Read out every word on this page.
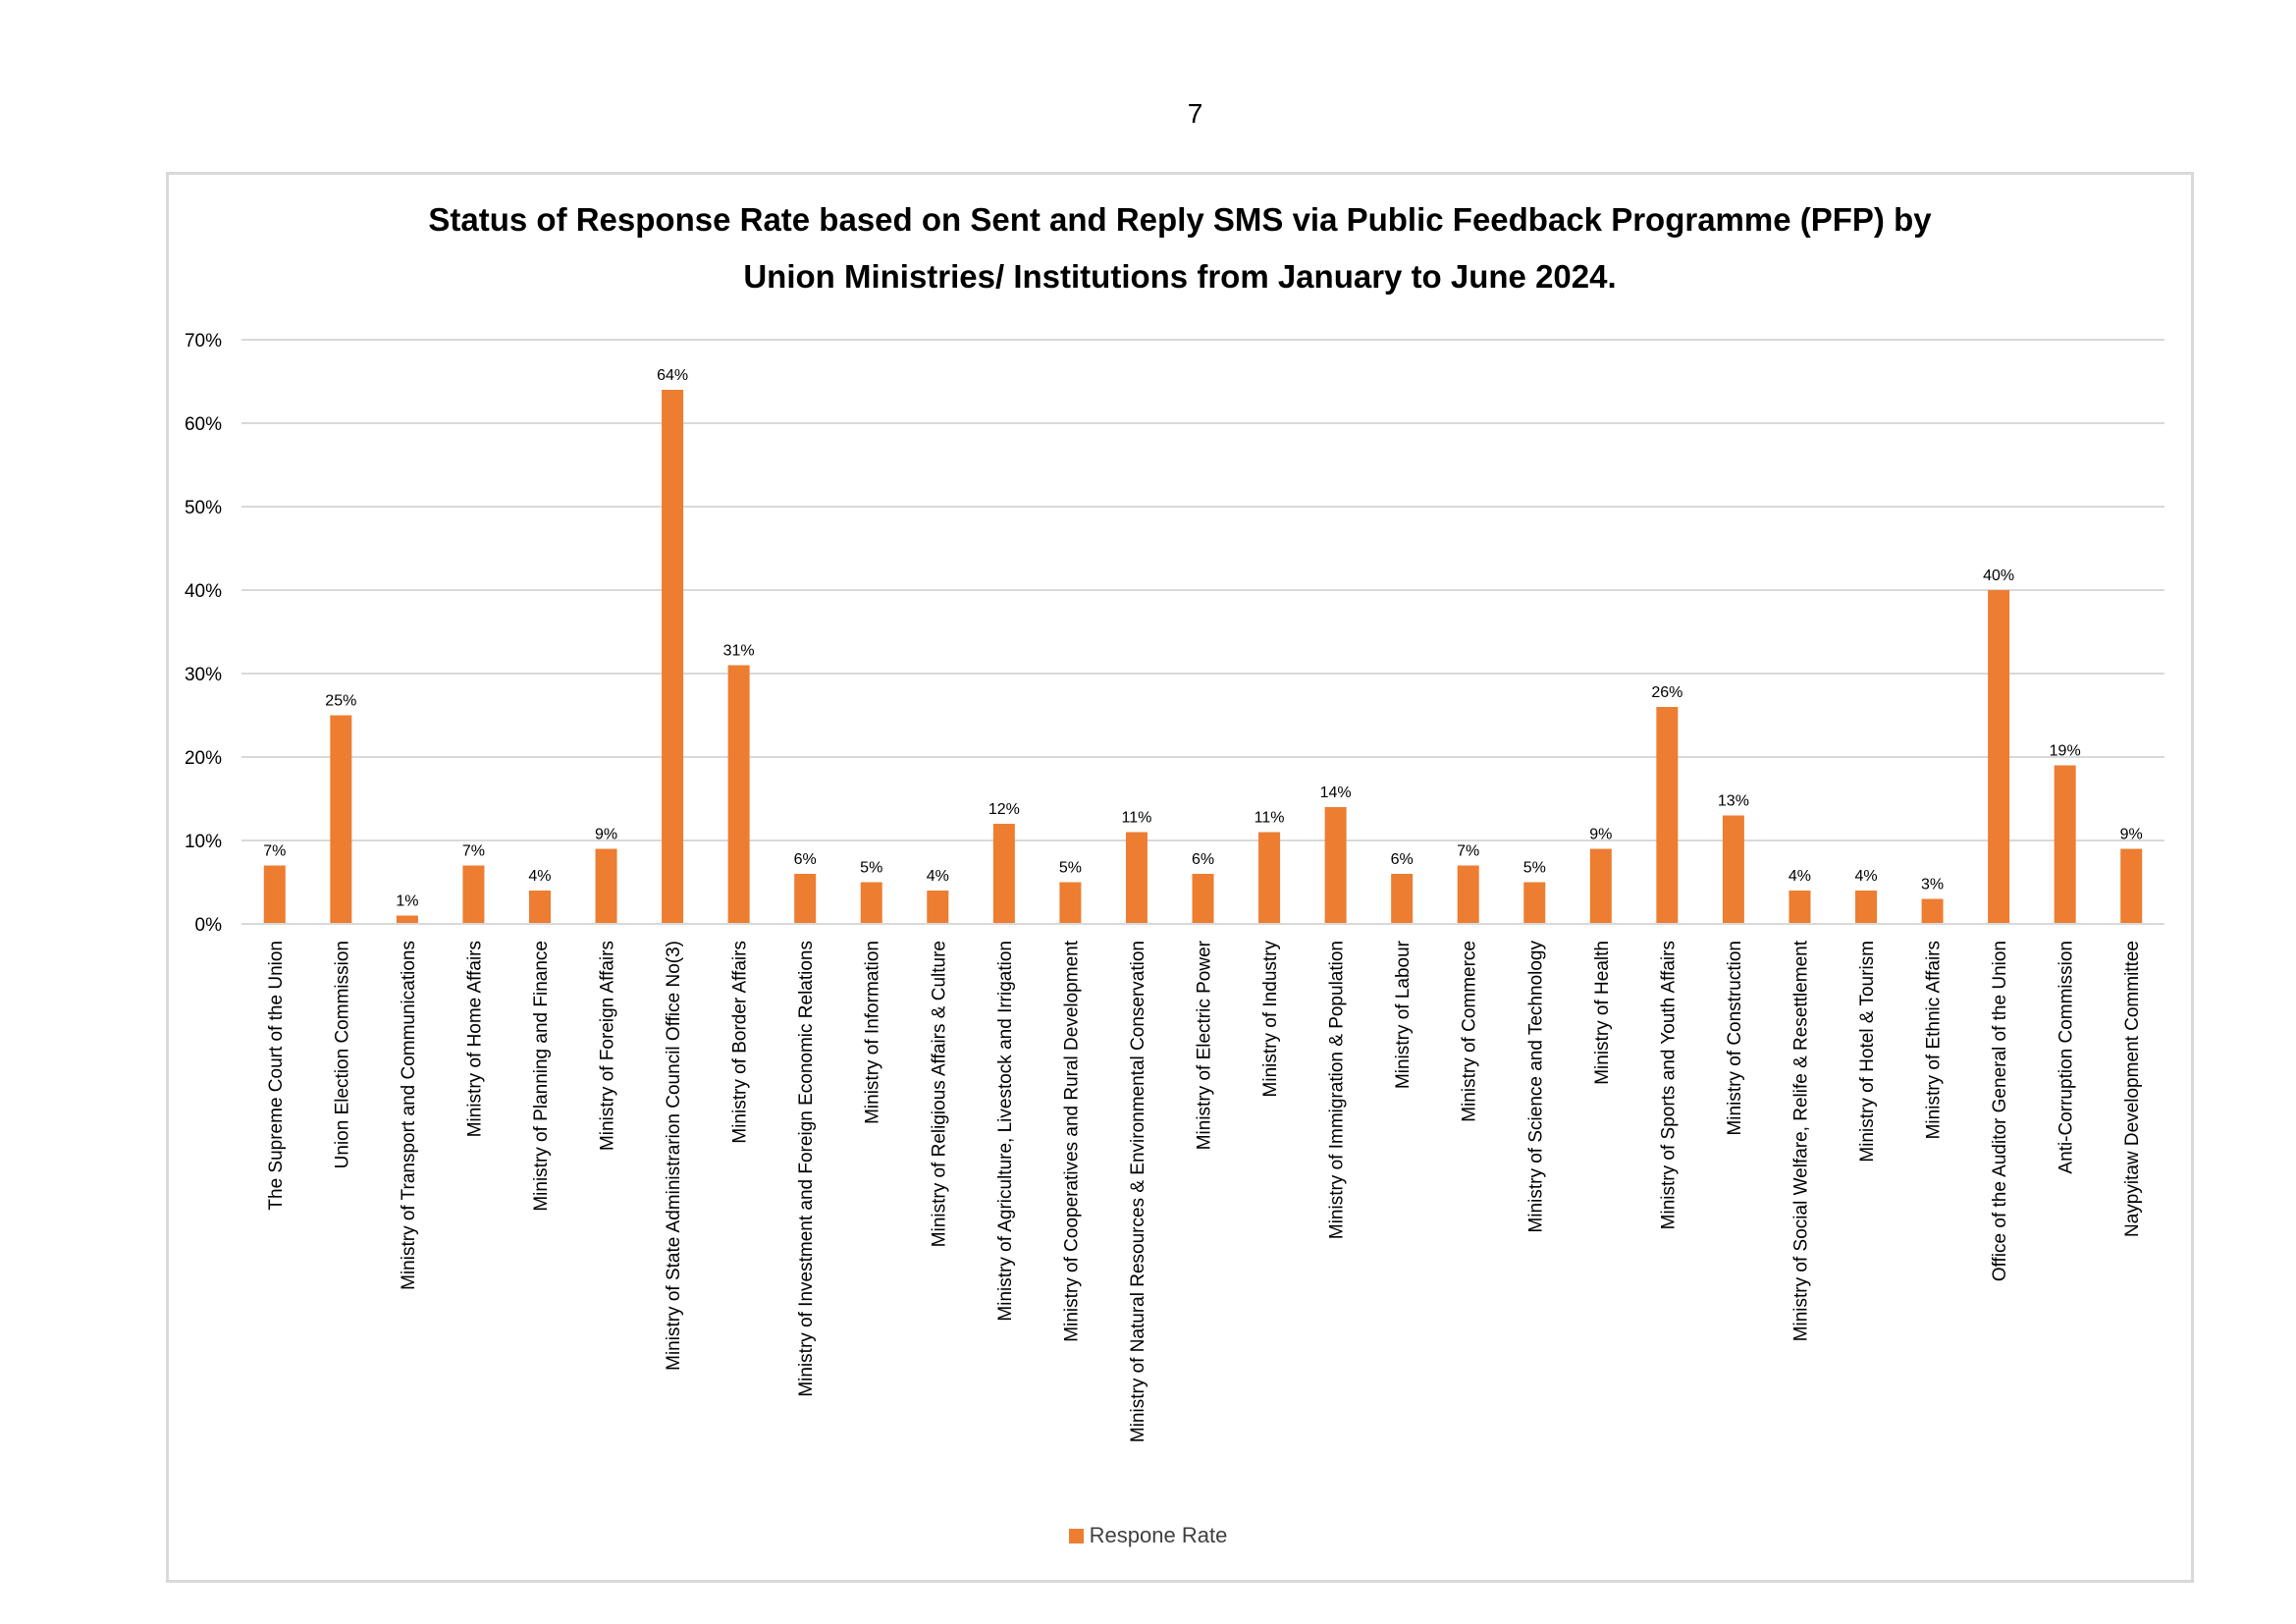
7
Status of Response Rate based on Sent and Reply SMS via Public Feedback Programme (PFP) by
Union Ministries/ Institutions from January to June 2024.
0%
10%
20%
30%
40%
50%
60%
70%
7%
The Supreme Court of the Union
25%
Union Election Commission
1%
Ministry of Transport and Communications
7%
Ministry of Home Affairs
4%
Ministry of Planning and Finance
9%
Ministry of Foreign Affairs
64%
Ministry of State Administrarion Council Office No(3)
31%
Ministry of Border Affairs
6%
Ministry of Investment and Foreign Economic Relations
5%
Ministry of Information
4%
Ministry of Religious Affairs & Culture
12%
Ministry of Agriculture, Livestock and Irrigation
5%
Ministry of Cooperatives and Rural Development
11%
Ministry of Natural Resources & Environmental Conservation
6%
Ministry of Electric Power
11%
Ministry of Industry
14%
Ministry of Immigration & Population
6%
Ministry of Labour
7%
Ministry of Commerce
5%
Ministry of Science and Technology
9%
Ministry of Health
26%
Ministry of Sports and Youth Affairs
13%
Ministry of Construction
4%
Ministry of Social Welfare, Relife & Resettlement
4%
Ministry of Hotel & Tourism
3%
Ministry of Ethnic Affairs
40%
Office of the Auditor General of the Union
19%
Anti-Corruption Commission
9%
Naypyitaw Development Committee
Respone Rate
